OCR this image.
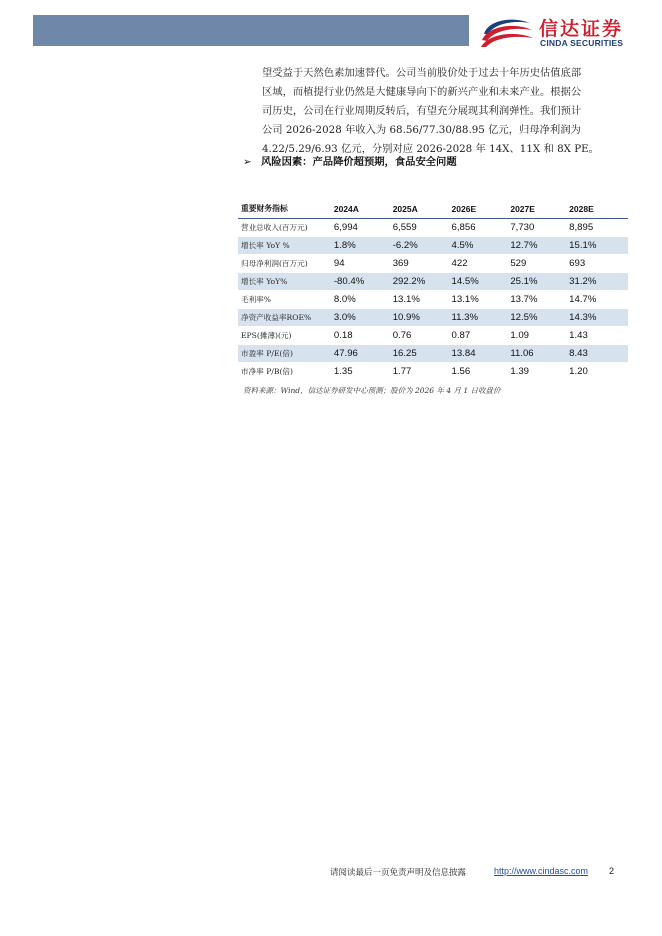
信达证券
CINDA SECURITIES
望受益于天然色素加速替代。公司当前股价处于过去十年历史估值底部
区域，而植提行业仍然是大健康导向下的新兴产业和未来产业。根据公
司历史，公司在行业周期反转后，有望充分展现其利润弹性。我们预计
公司 2026-2028 年收入为 68.56/77.30/88.95 亿元，归母净利润为
4.22/5.29/6.93 亿元，分别对应 2026-2028 年 14X、11X 和 8X PE。
➢ 风险因素：产品降价超预期，食品安全问题
重要财务指标	2024A	2025A	2026E	2027E	2028E
营业总收入(百万元)	6,994	6,559	6,856	7,730	8,895
增长率 YoY %	1.8%	-6.2%	4.5%	12.7%	15.1%
归母净利润(百万元)	94	369	422	529	693
增长率 YoY%	-80.4%	292.2%	14.5%	25.1%	31.2%
毛利率%	8.0%	13.1%	13.1%	13.7%	14.7%
净资产收益率ROE%	3.0%	10.9%	11.3%	12.5%	14.3%
EPS(摊薄)(元)	0.18	0.76	0.87	1.09	1.43
市盈率 P/E(倍)	47.96	16.25	13.84	11.06	8.43
市净率 P/B(倍)	1.35	1.77	1.56	1.39	1.20
资料来源：Wind，信达证券研发中心预测；股价为 2026 年 4 月 1 日收盘价
请阅读最后一页免责声明及信息披露	http://www.cindasc.com 2
